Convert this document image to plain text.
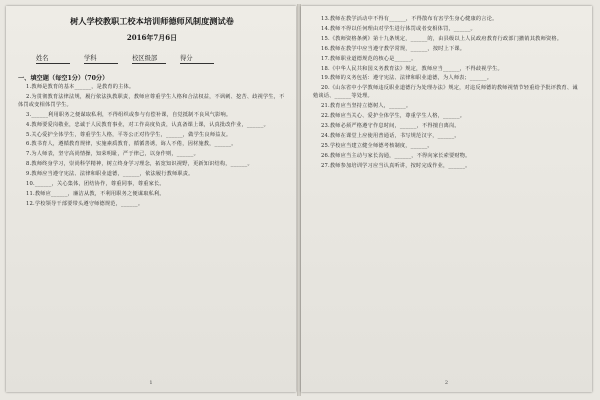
树人学校教职工校本培训师德师风制度测试卷
2016年7月6日
姓名	学科	校区级部	得分
一、填空题（每空1分）（70分）
1.教师是教育的基本______，是教育的主体。
2.为贯彻教育法律法规，履行依法执教职责，教师应尊重学生人格和合法权益，不讽刺、挖苦、歧视学生，不体罚或变相体罚学生。
3.______利用职务之便谋取私利，不得组织或参与有偿补课，自觉抵制不良风气影响。
4.教师要爱岗敬业，忠诚于人民教育事业，对工作高度负责，认真备课上课，认真批改作业，______。
5.关心爱护全体学生，尊重学生人格，平等公正对待学生，______，做学生良师益友。
6.教书育人，遵循教育规律，实施素质教育，循循善诱，诲人不倦，因材施教，______。
7.为人师表，坚守高尚情操，知荣明耻，严于律己，以身作则，______。
8.教师终身学习，崇尚科学精神，树立终身学习理念，拓宽知识视野，更新知识结构，______。
9.教师应当遵守宪法、法律和职业道德，______，依法履行教师职责。
10.______，关心集体，团结协作，尊重同事，尊重家长。
11.教师应______，廉洁从教，不利用职务之便谋取私利。
12.学校领导干部要带头遵守师德规范，______。
1
13.教师在教学活动中不得有______，不得散布有害学生身心健康的言论。
14.教师不得以任何理由对学生进行体罚或者变相体罚，______。
15.《教师资格条例》第十九条规定，______的，由县级以上人民政府教育行政部门撤销其教师资格。
16.教师在教学中应当遵守教学常规，______，按时上下课。
17.教师职业道德规范的核心是______。
18.《中华人民共和国义务教育法》规定，教师应当______，不得歧视学生。
19.教师的义务包括：遵守宪法、法律和职业道德，为人师表；______。
20.《山东省中小学教师违反职业道德行为处理办法》规定，对违反师德的教师视情节轻重给予批评教育、诫勉谈话、______等处理。
21.教育应当坚持立德树人，______。
22.教师应当关心、爱护全体学生，尊重学生人格，______。
23.教师必须严格遵守作息时间，______，不得擅自离岗。
24.教师在课堂上应使用普通话，书写规范汉字，______。
25.学校应当建立健全师德考核制度，______。
26.教师应当主动与家长沟通，______，不得向家长索要财物。
27.教师参加培训学习应当认真听讲，按时完成作业，______。
2
